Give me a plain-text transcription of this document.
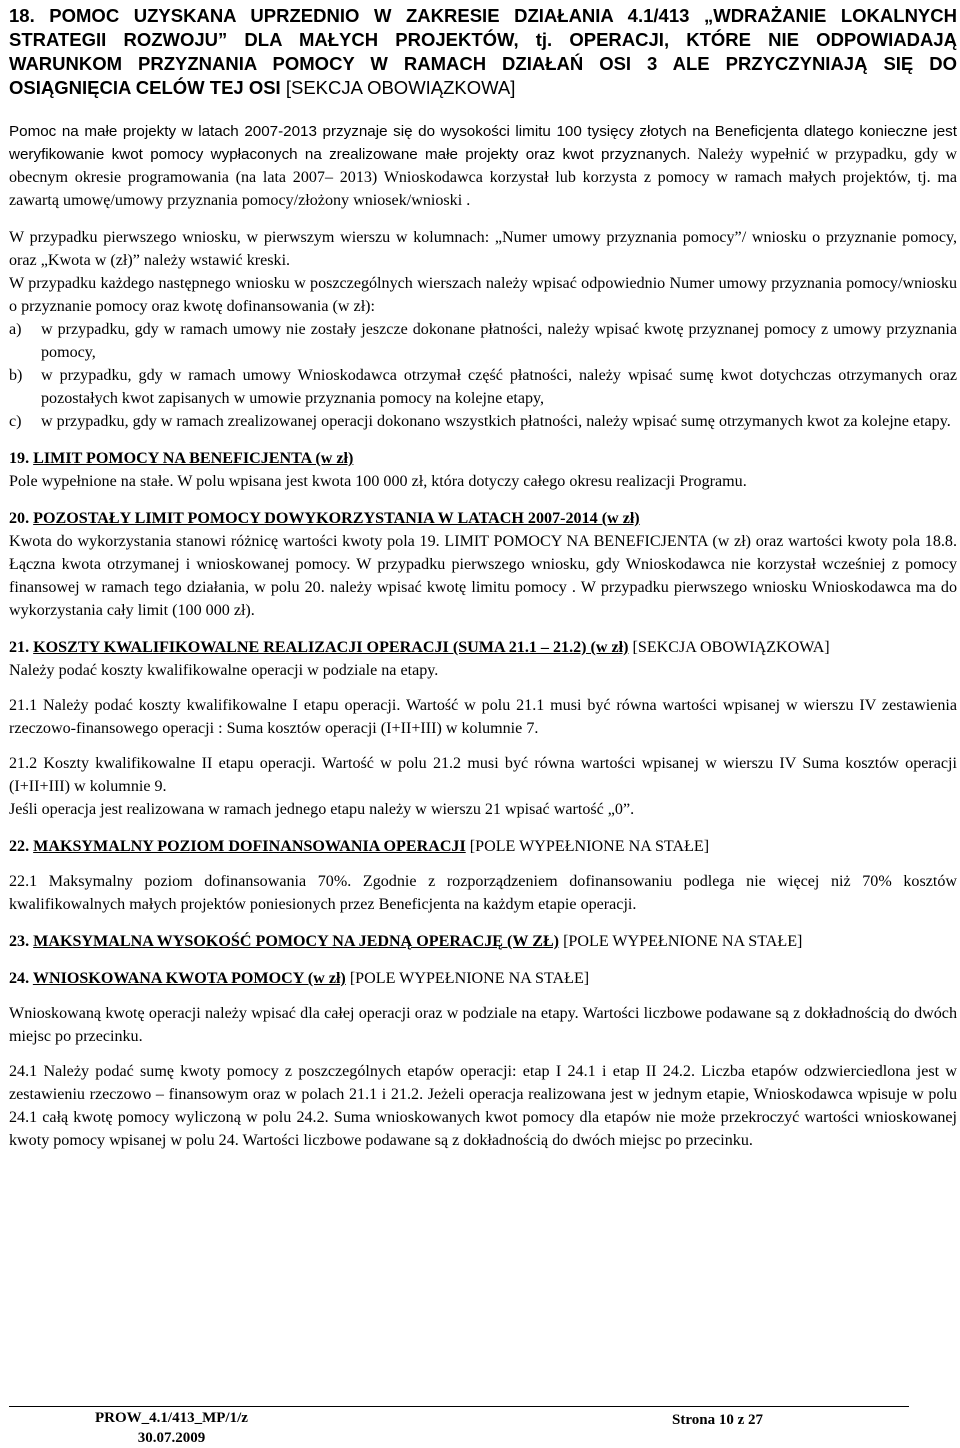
18. POMOC UZYSKANA UPRZEDNIO W ZAKRESIE DZIAŁANIA 4.1/413 „WDRAŻANIE LOKALNYCH STRATEGII ROZWOJU” DLA MAŁYCH PROJEKTÓW, tj. OPERACJI, KTÓRE NIE ODPOWIADAJĄ WARUNKOM PRZYZNANIA POMOCY W RAMACH DZIAŁAŃ OSI 3 ALE PRZYCZYNIAJĄ SIĘ DO OSIĄGNIĘCIA CELÓW TEJ OSI [SEKCJA OBOWIĄZKOWA]

Pomoc na małe projekty w latach 2007-2013 przyznaje się do wysokości limitu 100 tysięcy złotych na Beneficjenta dlatego konieczne jest weryfikowanie kwot pomocy wypłaconych na zrealizowane małe projekty oraz kwot przyznanych. Należy wypełnić w przypadku, gdy w obecnym okresie programowania (na lata 2007– 2013) Wnioskodawca korzystał lub korzysta z pomocy w ramach małych projektów, tj. ma zawartą umowę/umowy przyznania pomocy/złożony wniosek/wnioski .

W przypadku pierwszego wniosku, w pierwszym wierszu w kolumnach: „Numer umowy przyznania pomocy”/ wniosku o przyznanie pomocy, oraz „Kwota w (zł)” należy wstawić kreski.

W przypadku każdego następnego wniosku w poszczególnych wierszach należy wpisać odpowiednio Numer umowy przyznania pomocy/wniosku o przyznanie pomocy oraz kwotę dofinansowania (w zł):

a) w przypadku, gdy w ramach umowy nie zostały jeszcze dokonane płatności, należy wpisać kwotę przyznanej pomocy z umowy przyznania pomocy,
b) w przypadku, gdy w ramach umowy Wnioskodawca otrzymał część płatności, należy wpisać sumę kwot dotychczas otrzymanych oraz pozostałych kwot zapisanych w umowie przyznania pomocy na kolejne etapy,
c) w przypadku, gdy w ramach zrealizowanej operacji dokonano wszystkich płatności, należy wpisać sumę otrzymanych kwot za kolejne etapy.

19. LIMIT POMOCY NA BENEFICJENTA (w zł)

Pole wypełnione na stałe. W polu wpisana jest kwota 100 000 zł, która dotyczy całego okresu realizacji Programu.

20. POZOSTAŁY LIMIT POMOCY DOWYKORZYSTANIA W LATACH 2007-2014 (w zł)

Kwota do wykorzystania stanowi różnicę wartości kwoty pola 19. LIMIT POMOCY NA BENEFICJENTA (w zł) oraz wartości kwoty pola 18.8. Łączna kwota otrzymanej i wnioskowanej pomocy. W przypadku pierwszego wniosku, gdy Wnioskodawca nie korzystał wcześniej z pomocy finansowej w ramach tego działania, w polu 20. należy wpisać kwotę limitu pomocy . W przypadku pierwszego wniosku Wnioskodawca ma do wykorzystania cały limit (100 000 zł).

21. KOSZTY KWALIFIKOWALNE REALIZACJI OPERACJI (SUMA 21.1 – 21.2) (w zł) [SEKCJA OBOWIĄZKOWA]

Należy podać koszty kwalifikowalne operacji w podziale na etapy.

21.1 Należy podać koszty kwalifikowalne I etapu operacji. Wartość w polu 21.1 musi być równa wartości wpisanej w wierszu IV zestawienia rzeczowo-finansowego operacji : Suma kosztów operacji (I+II+III) w kolumnie 7.

21.2 Koszty kwalifikowalne II etapu operacji. Wartość w polu 21.2 musi być równa wartości wpisanej w wierszu IV Suma kosztów operacji (I+II+III) w kolumnie 9.

Jeśli operacja jest realizowana w ramach jednego etapu należy w wierszu 21 wpisać wartość „0”.

22. MAKSYMALNY POZIOM DOFINANSOWANIA OPERACJI [POLE WYPEŁNIONE NA STAŁE]

22.1 Maksymalny poziom dofinansowania 70%. Zgodnie z rozporządzeniem dofinansowaniu podlega nie więcej niż 70% kosztów kwalifikowalnych małych projektów poniesionych przez Beneficjenta na każdym etapie operacji.

23. MAKSYMALNA WYSOKOŚĆ POMOCY NA JEDNĄ OPERACJĘ (W ZŁ) [POLE WYPEŁNIONE NA STAŁE]

24. WNIOSKOWANA KWOTA POMOCY (w zł) [POLE WYPEŁNIONE NA STAŁE]

Wnioskowaną kwotę operacji należy wpisać dla całej operacji oraz w podziale na etapy. Wartości liczbowe podawane są z dokładnością do dwóch miejsc po przecinku.

24.1 Należy podać sumę kwoty pomocy z poszczególnych etapów operacji: etap I 24.1 i etap II 24.2. Liczba etapów odzwierciedlona jest w zestawieniu rzeczowo – finansowym oraz w polach 21.1 i 21.2. Jeżeli operacja realizowana jest w jednym etapie, Wnioskodawca wpisuje w polu 24.1 całą kwotę pomocy wyliczoną w polu 24.2. Suma wnioskowanych kwot pomocy dla etapów nie może przekroczyć wartości wnioskowanej kwoty pomocy wpisanej w polu 24. Wartości liczbowe podawane są z dokładnością do dwóch miejsc po przecinku.

PROW_4.1/413_MP/1/z
30.07.2009
Strona 10 z 27
